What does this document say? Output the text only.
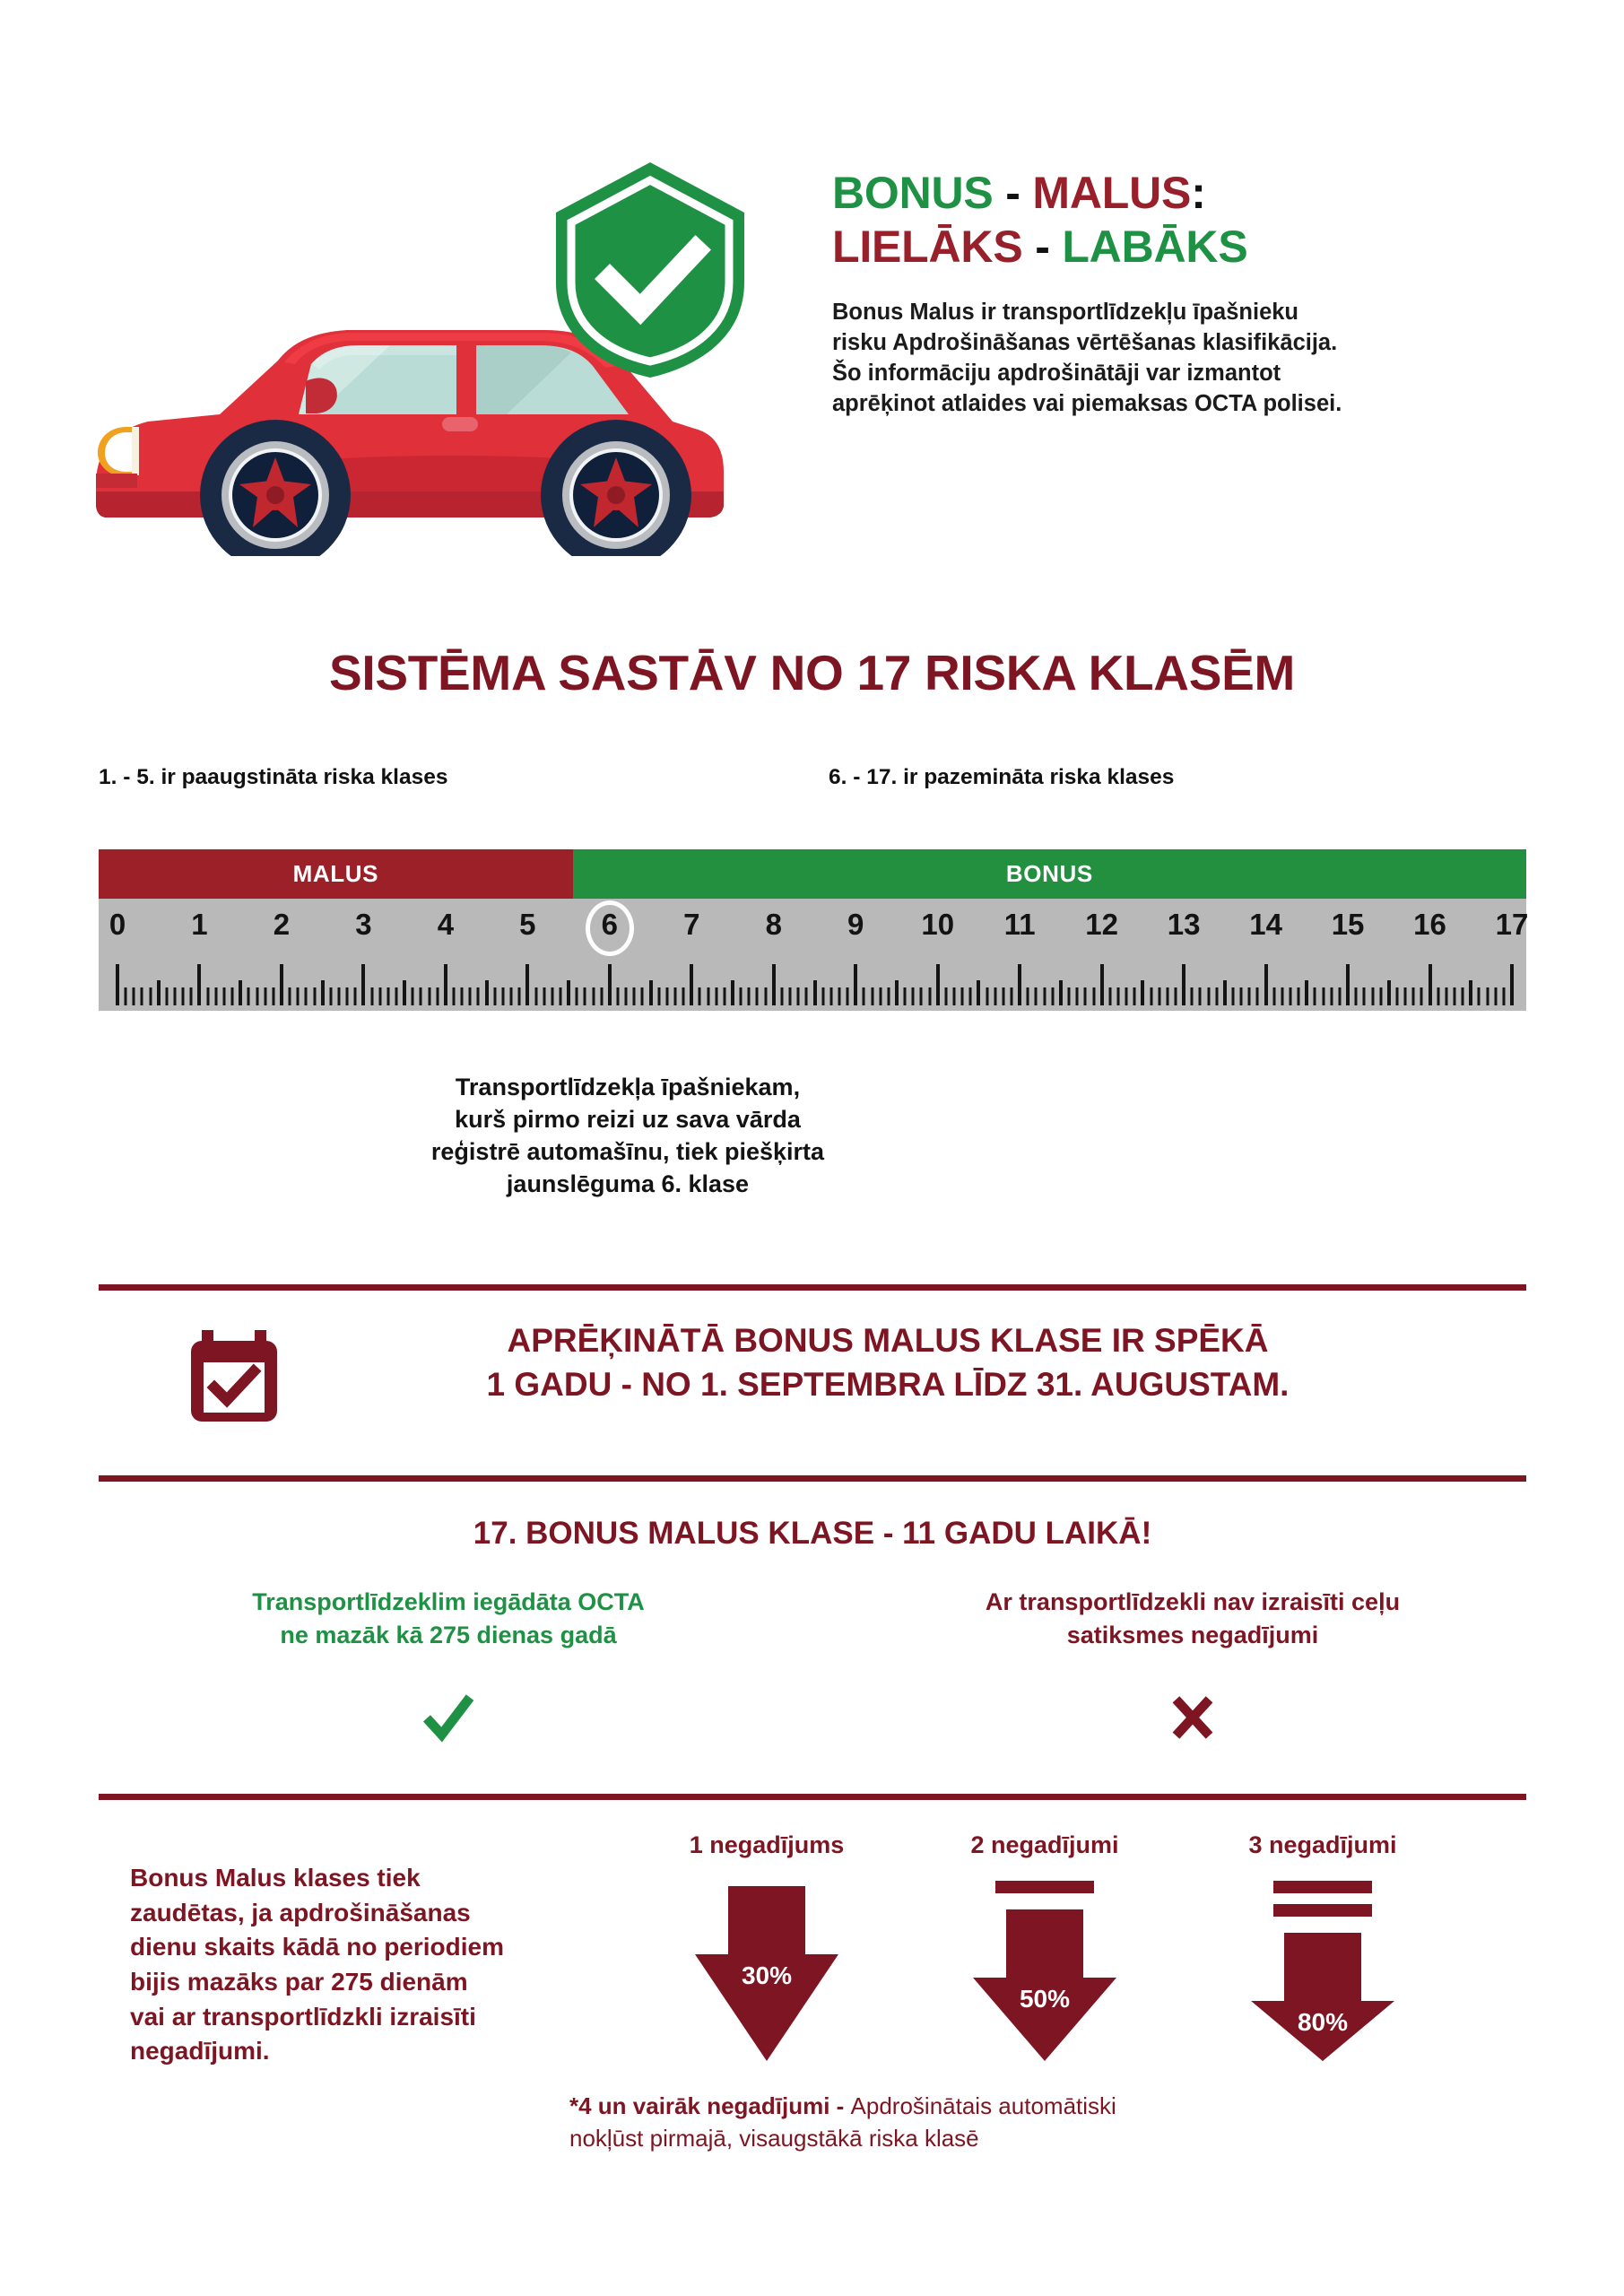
BONUS - MALUS:
LIELĀKS - LABĀKS
Bonus Malus ir transportlīdzekļu īpašnieku
risku Apdrošināšanas vērtēšanas klasifikācija.
Šo informāciju apdrošinātāji var izmantot
aprēķinot atlaides vai piemaksas OCTA polisei.
SISTĒMA SASTĀV NO 17 RISKA KLASĒM
1. - 5. ir paaugstināta riska klases	6. - 17. ir pazemināta riska klases
MALUS	BONUS
0 1 2 3 4 5 6 7 8 9 10 11 12 13 14 15 16 17
Transportlīdzekļa īpašniekam,
kurš pirmo reizi uz sava vārda
reģistrē automašīnu, tiek piešķirta
jaunslēguma 6. klase
APRĒĶINĀTĀ BONUS MALUS KLASE IR SPĒKĀ
1 GADU - NO 1. SEPTEMBRA LĪDZ 31. AUGUSTAM.
17. BONUS MALUS KLASE - 11 GADU LAIKĀ!
Transportlīdzeklim iegādāta OCTA
ne mazāk kā 275 dienas gadā
Ar transportlīdzekli nav izraisīti ceļu
satiksmes negadījumi
Bonus Malus klases tiek
zaudētas, ja apdrošināšanas
dienu skaits kādā no periodiem
bijis mazāks par 275 dienām
vai ar transportlīdzkli izraisīti
negadījumi.
1 negadījums
30%
2 negadījumi
50%
3 negadījumi
80%
*4 un vairāk negadījumi - Apdrošinātais automātiski
nokļūst pirmajā, visaugstākā riska klasē
